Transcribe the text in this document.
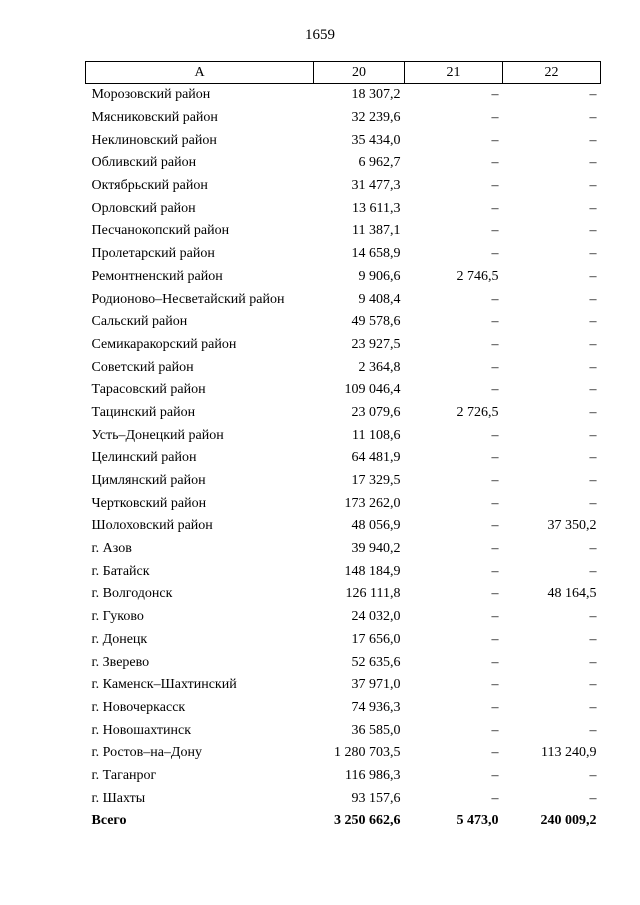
1659
А	20	21	22
Морозовский район	18 307,2	–	–
Мясниковский район	32 239,6	–	–
Неклиновский район	35 434,0	–	–
Обливский район	6 962,7	–	–
Октябрьский район	31 477,3	–	–
Орловский район	13 611,3	–	–
Песчанокопский район	11 387,1	–	–
Пролетарский район	14 658,9	–	–
Ремонтненский район	9 906,6	2 746,5	–
Родионово–Несветайский район	9 408,4	–	–
Сальский район	49 578,6	–	–
Семикаракорский район	23 927,5	–	–
Советский район	2 364,8	–	–
Тарасовский район	109 046,4	–	–
Тацинский район	23 079,6	2 726,5	–
Усть–Донецкий район	11 108,6	–	–
Целинский район	64 481,9	–	–
Цимлянский район	17 329,5	–	–
Чертковский район	173 262,0	–	–
Шолоховский район	48 056,9	–	37 350,2
г. Азов	39 940,2	–	–
г. Батайск	148 184,9	–	–
г. Волгодонск	126 111,8	–	48 164,5
г. Гуково	24 032,0	–	–
г. Донецк	17 656,0	–	–
г. Зверево	52 635,6	–	–
г. Каменск–Шахтинский	37 971,0	–	–
г. Новочеркасск	74 936,3	–	–
г. Новошахтинск	36 585,0	–	–
г. Ростов–на–Дону	1 280 703,5	–	113 240,9
г. Таганрог	116 986,3	–	–
г. Шахты	93 157,6	–	–
Всего	3 250 662,6	5 473,0	240 009,2
